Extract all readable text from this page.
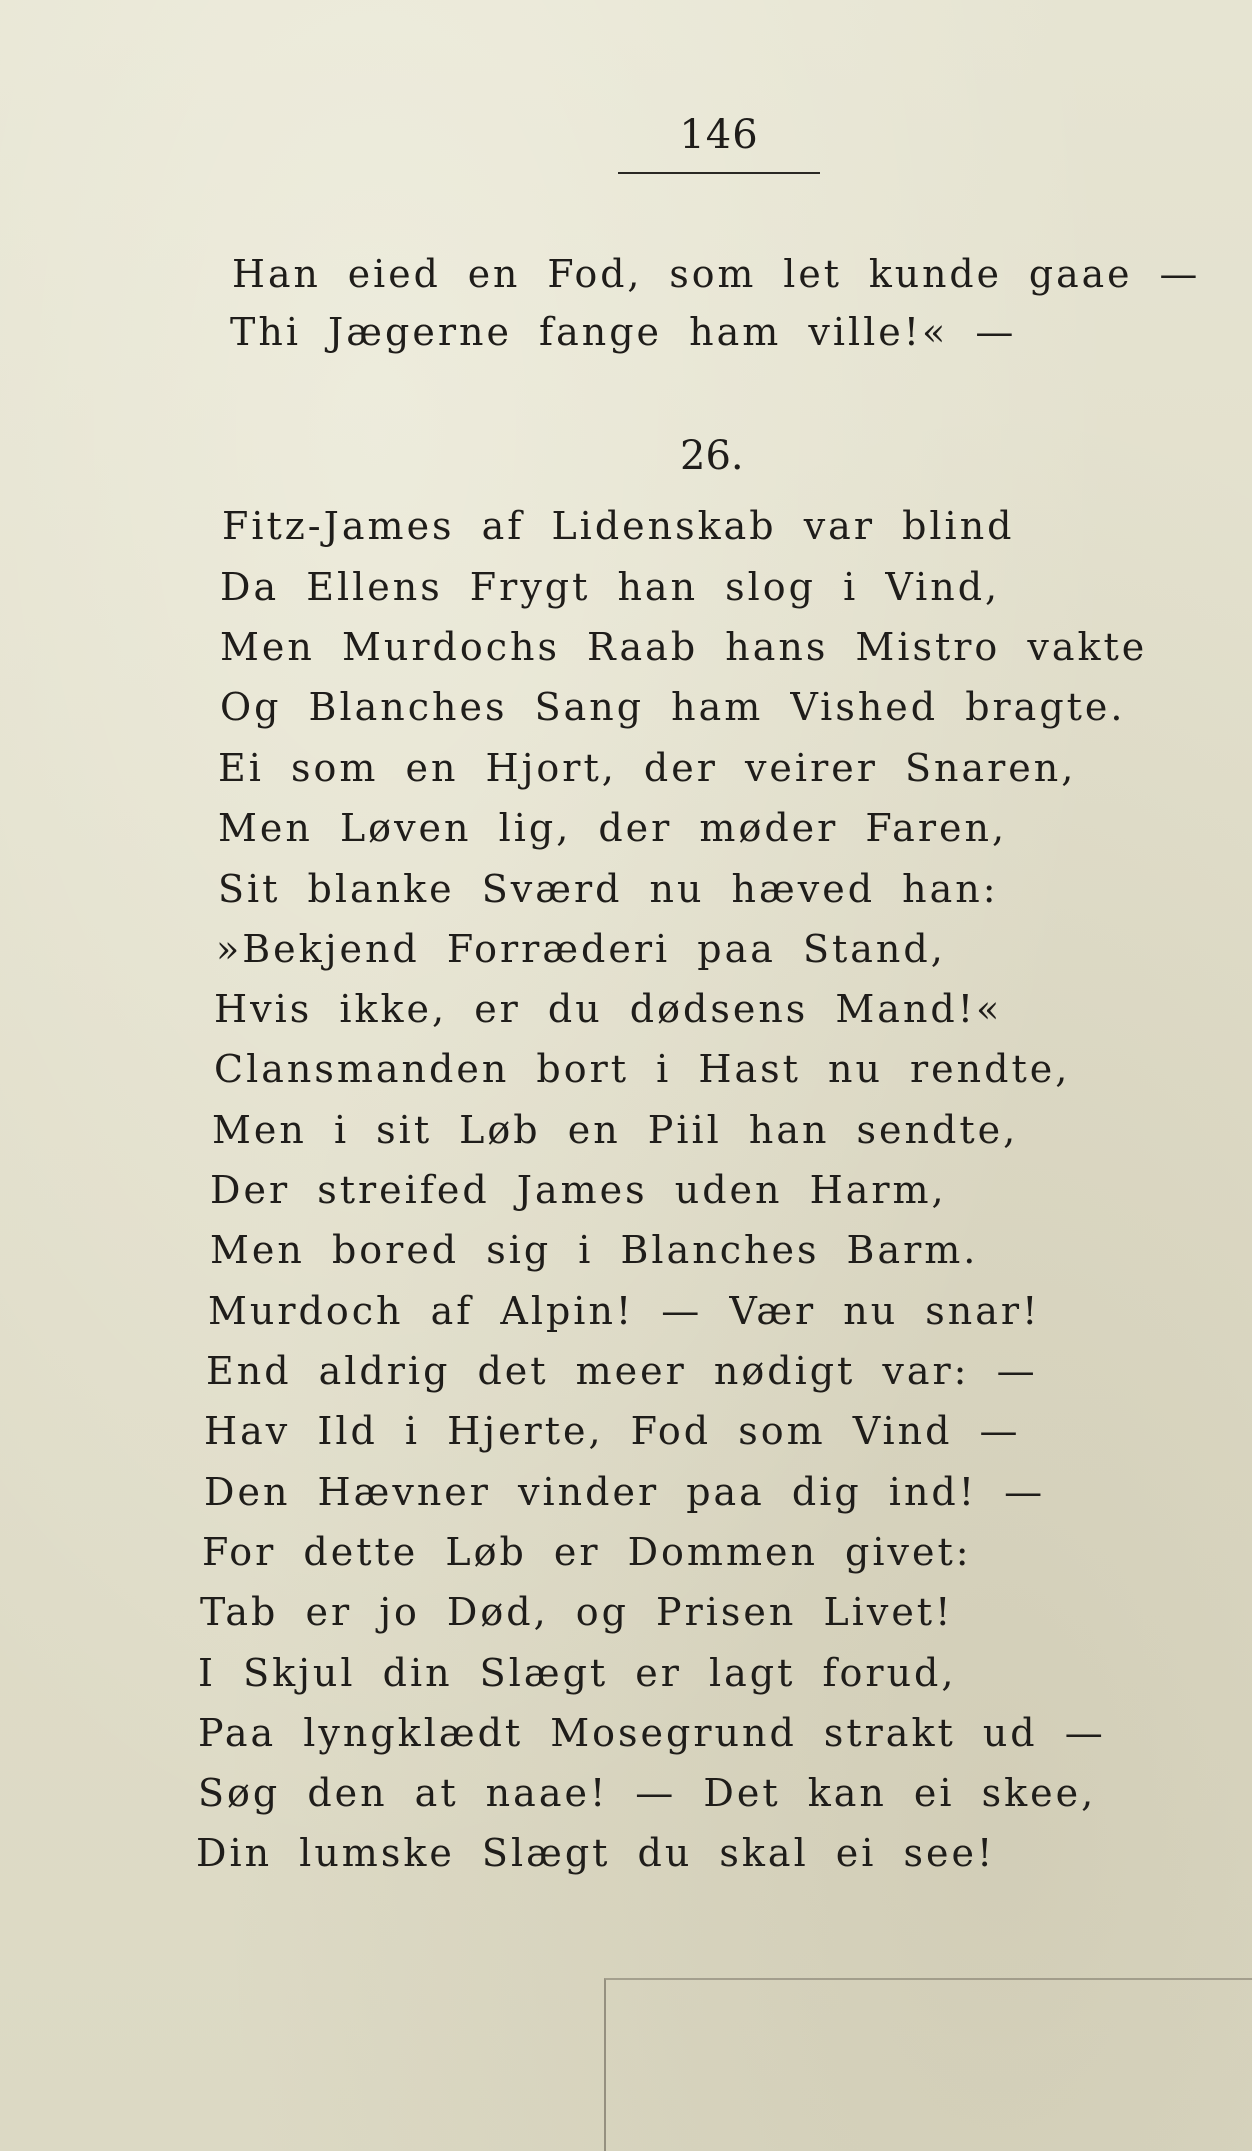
146
Han eied en Fod, som let kunde gaae —
Thi Jægerne fange ham ville!« —
26.
Fitz-James af Lidenskab var blind
Da Ellens Frygt han slog i Vind,
Men Murdochs Raab hans Mistro vakte
Og Blanches Sang ham Vished bragte.
Ei som en Hjort, der veirer Snaren,
Men Løven lig, der møder Faren,
Sit blanke Sværd nu hæved han:
»Bekjend Forræderi paa Stand,
Hvis ikke, er du dødsens Mand!«
Clansmanden bort i Hast nu rendte,
Men i sit Løb en Piil han sendte,
Der streifed James uden Harm,
Men bored sig i Blanches Barm.
Murdoch af Alpin! — Vær nu snar!
End aldrig det meer nødigt var: —
Hav Ild i Hjerte, Fod som Vind —
Den Hævner vinder paa dig ind! —
For dette Løb er Dommen givet:
Tab er jo Død, og Prisen Livet!
I Skjul din Slægt er lagt forud,
Paa lyngklædt Mosegrund strakt ud —
Søg den at naae! — Det kan ei skee,
Din lumske Slægt du skal ei see!
